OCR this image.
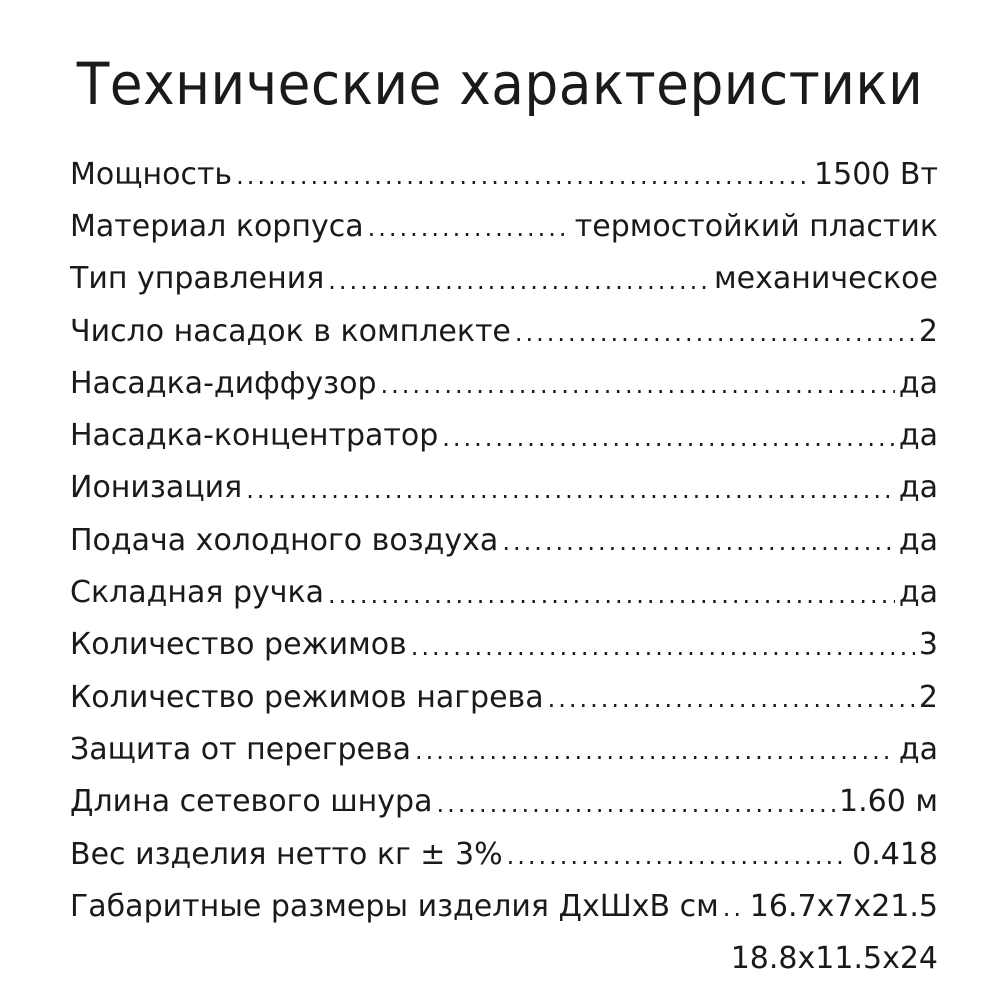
Технические характеристики
Мощность .....	1500 Вт
Материал корпуса .....	термостойкий пластик
Тип управления .....	механическое
Число насадок в комплекте .....	2
Насадка-диффузор .....	да
Насадка-концентратор .....	да
Ионизация .....	да
Подача холодного воздуха .....	да
Складная ручка .....	да
Количество режимов .....	3
Количество режимов нагрева .....	2
Защита от перегрева .....	да
Длина сетевого шнура .....	1.60 м
Вес изделия нетто кг ± 3% .....	0.418
Габаритные размеры изделия ДхШхВ см ..... 16.7x7x21.5
18.8x11.5x24
